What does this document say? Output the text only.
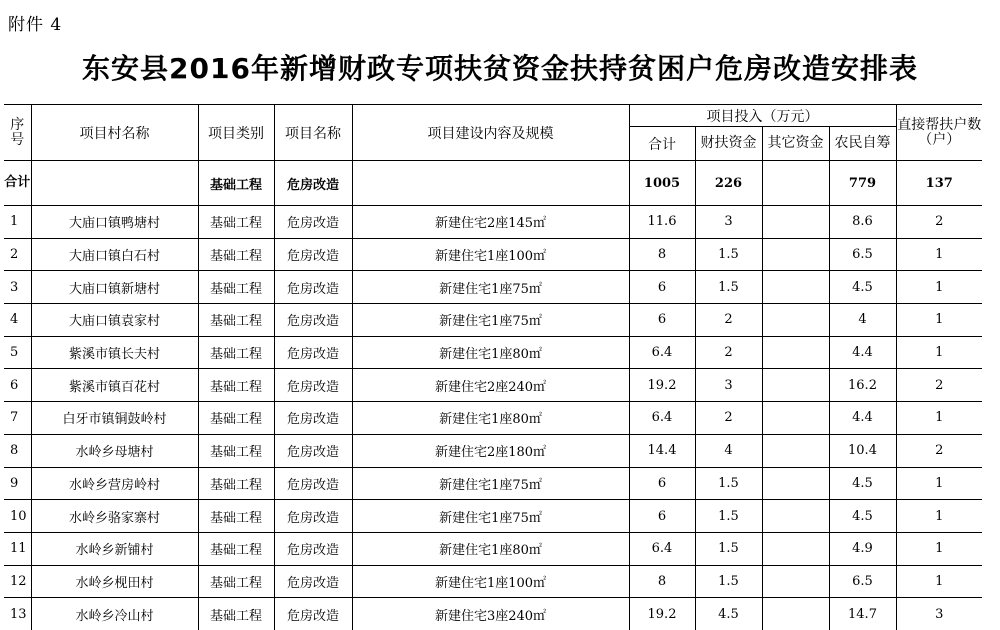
附件 4
东安县2016年新增财政专项扶贫资金扶持贫困户危房改造安排表
序号	项目村名称	项目类别	项目名称	项目建设内容及规模	项目投入（万元）				直接帮扶户数（户）
					合计	财扶资金	其它资金	农民自筹	
合计		基础工程	危房改造		1005	226		779	137
1	大庙口镇鸭塘村	基础工程	危房改造	新建住宅2座145㎡	11.6	3		8.6	2
2	大庙口镇白石村	基础工程	危房改造	新建住宅1座100㎡	8	1.5		6.5	1
3	大庙口镇新塘村	基础工程	危房改造	新建住宅1座75㎡	6	1.5		4.5	1
4	大庙口镇袁家村	基础工程	危房改造	新建住宅1座75㎡	6	2		4	1
5	紫溪市镇长夫村	基础工程	危房改造	新建住宅1座80㎡	6.4	2		4.4	1
6	紫溪市镇百花村	基础工程	危房改造	新建住宅2座240㎡	19.2	3		16.2	2
7	白牙市镇铜鼓岭村	基础工程	危房改造	新建住宅1座80㎡	6.4	2		4.4	1
8	水岭乡母塘村	基础工程	危房改造	新建住宅2座180㎡	14.4	4		10.4	2
9	水岭乡营房岭村	基础工程	危房改造	新建住宅1座75㎡	6	1.5		4.5	1
10	水岭乡骆家寨村	基础工程	危房改造	新建住宅1座75㎡	6	1.5		4.5	1
11	水岭乡新铺村	基础工程	危房改造	新建住宅1座80㎡	6.4	1.5		4.9	1
12	水岭乡枧田村	基础工程	危房改造	新建住宅1座100㎡	8	1.5		6.5	1
13	水岭乡冷山村	基础工程	危房改造	新建住宅3座240㎡	19.2	4.5		14.7	3
